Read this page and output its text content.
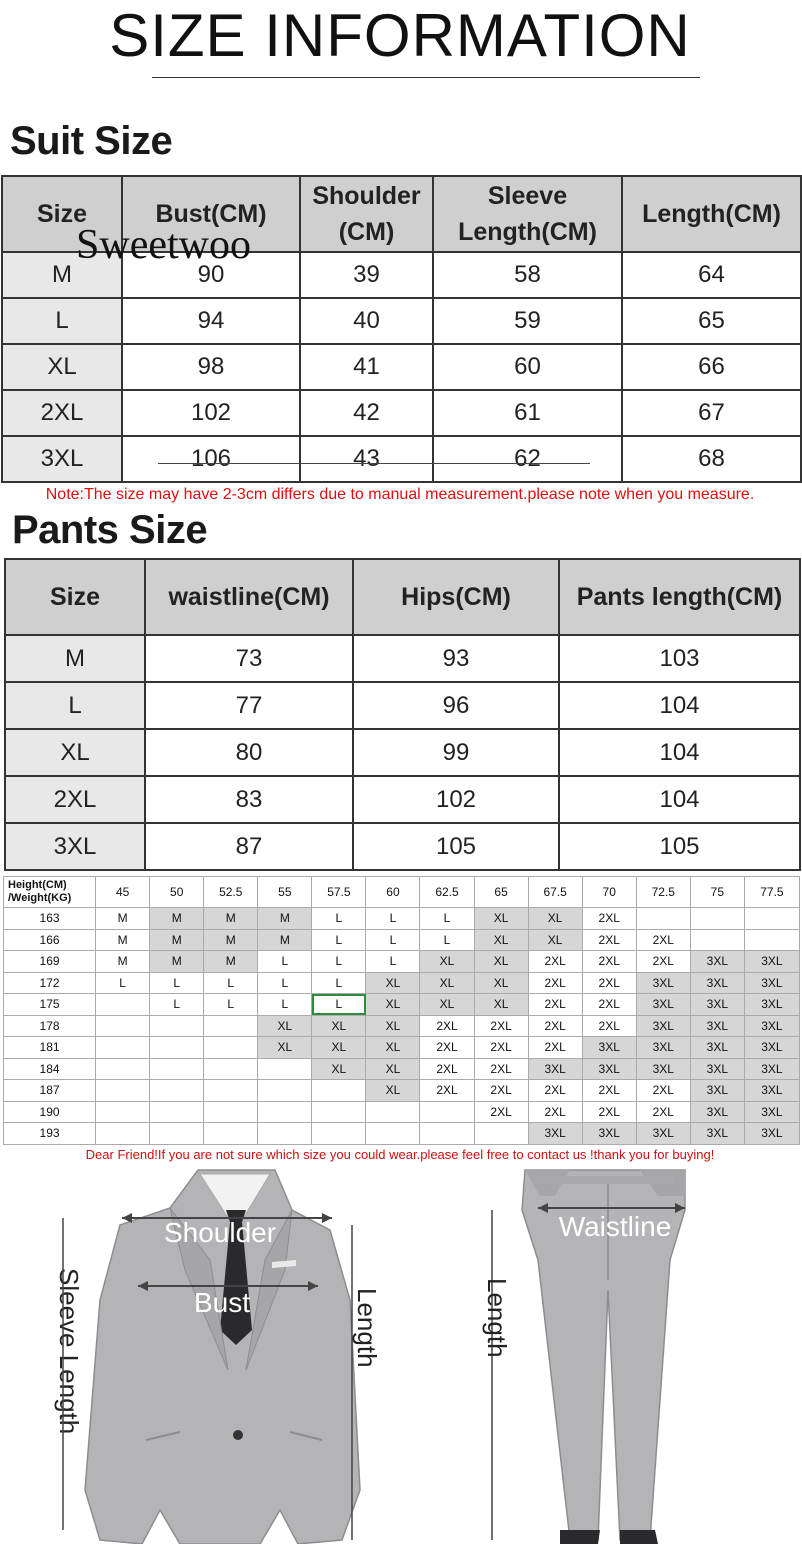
SIZE INFORMATION
Suit Size
Size	Bust(CM)	Shoulder (CM)	Sleeve Length(CM)	Length(CM)
M	90	39	58	64
L	94	40	59	65
XL	98	41	60	66
2XL	102	42	61	67
3XL	106	43	62	68
Sweetwoo
Note:The size may have 2-3cm differs due to manual measurement.please note when you measure.
Pants Size
Size	waistline(CM)	Hips(CM)	Pants length(CM)
M	73	93	103
L	77	96	104
XL	80	99	104
2XL	83	102	104
3XL	87	105	105
Height(CM)
/Weight(KG)	45	50	52.5	55	57.5	60	62.5	65	67.5	70	72.5	75	77.5
163	M	M	M	M	L	L	L	XL	XL	2XL			
166	M	M	M	M	L	L	L	XL	XL	2XL	2XL		
169	M	M	M	L	L	L	XL	XL	2XL	2XL	2XL	3XL	3XL
172	L	L	L	L	L	XL	XL	XL	2XL	2XL	3XL	3XL	3XL
175		L	L	L	L	XL	XL	XL	2XL	2XL	3XL	3XL	3XL
178				XL	XL	XL	2XL	2XL	2XL	2XL	3XL	3XL	3XL
181				XL	XL	XL	2XL	2XL	2XL	3XL	3XL	3XL	3XL
184					XL	XL	2XL	2XL	3XL	3XL	3XL	3XL	3XL
187						XL	2XL	2XL	2XL	2XL	2XL	3XL	3XL
190								2XL	2XL	2XL	2XL	3XL	3XL
193									3XL	3XL	3XL	3XL	3XL
Dear Friend!If you are not sure which size you could wear.please feel free to contact us !thank you for buying!
Shoulder
Bust
Sleeve Length	Length
Waistline
Length
